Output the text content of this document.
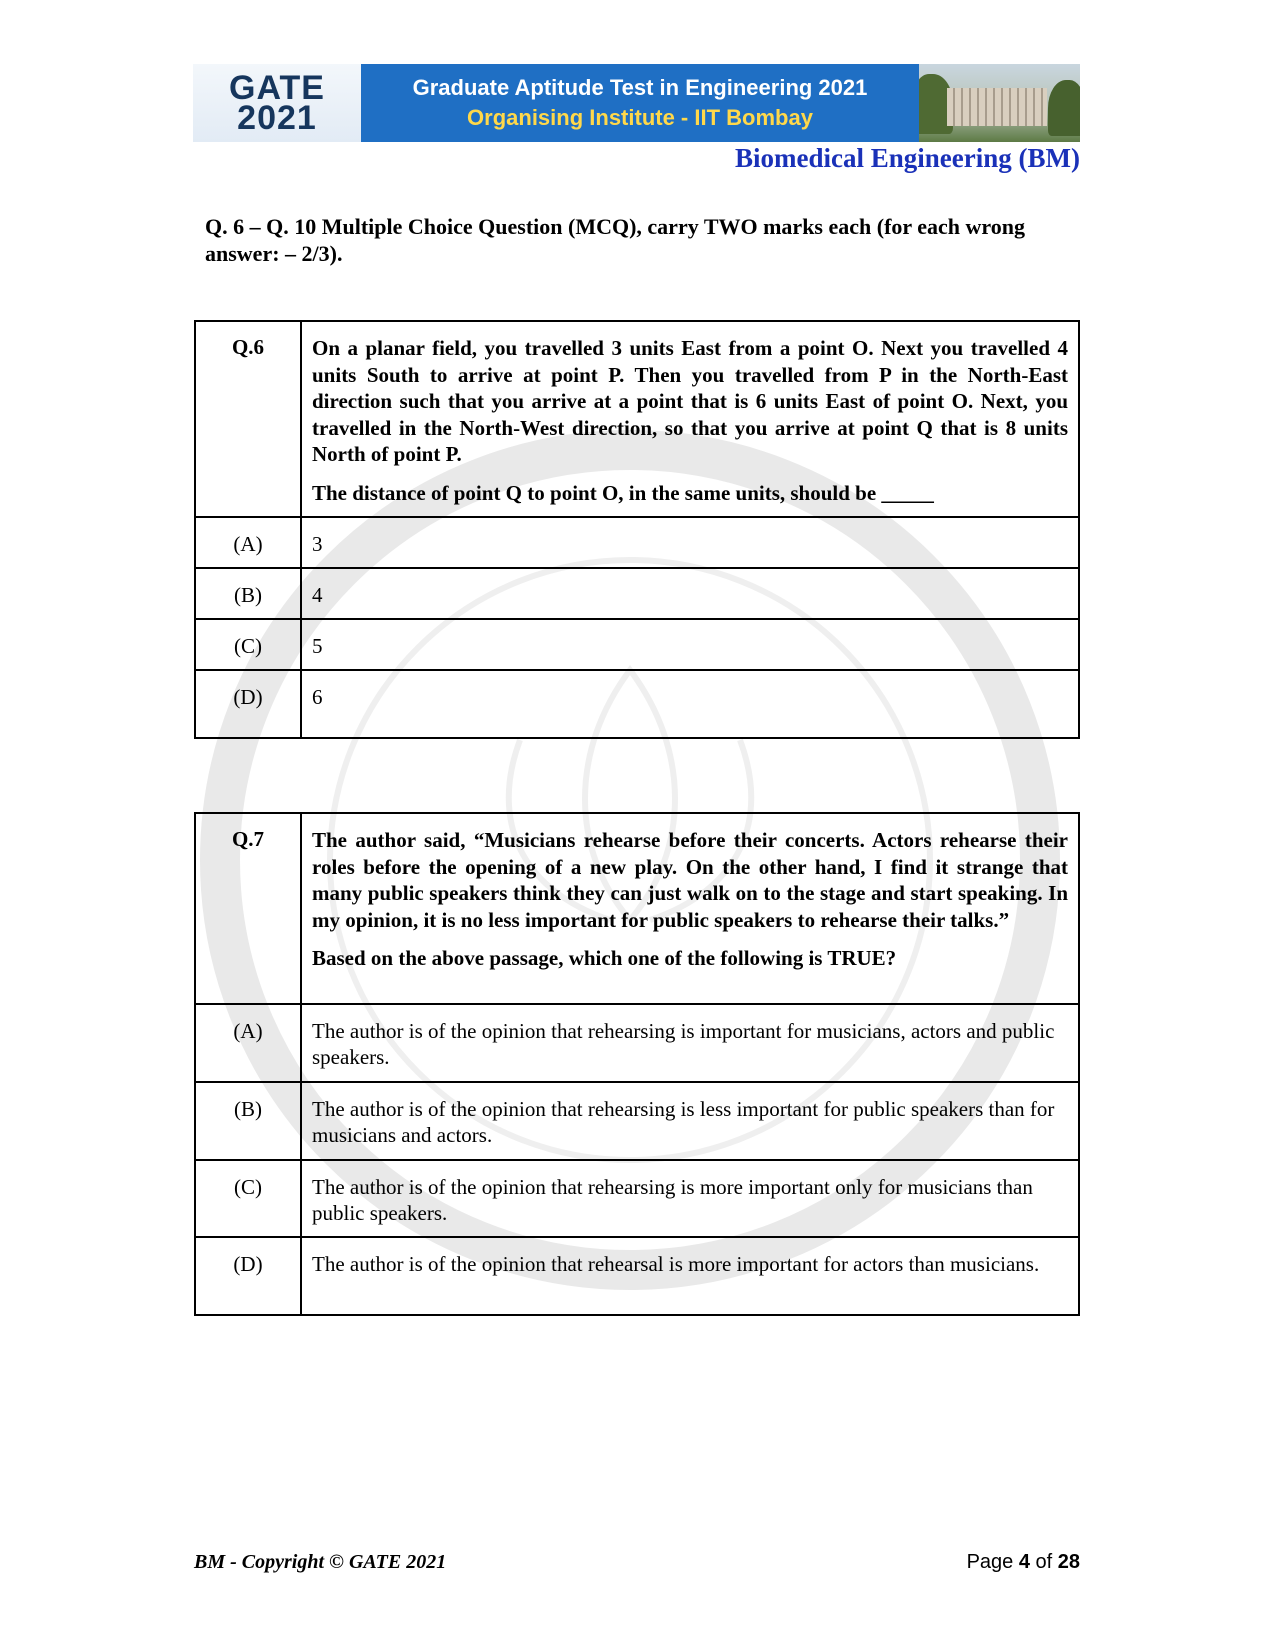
GATE
2021
Graduate Aptitude Test in Engineering 2021
Organising Institute - IIT Bombay
Biomedical Engineering (BM)
Q. 6 – Q. 10 Multiple Choice Question (MCQ), carry TWO marks each (for each wrong answer: – 2/3).
Q.6	On a planar field, you travelled 3 units East from a point O. Next you travelled 4 units South to arrive at point P. Then you travelled from P in the North-East direction such that you arrive at a point that is 6 units East of point O. Next, you travelled in the North-West direction, so that you arrive at point Q that is 8 units North of point P.
The distance of point Q to point O, in the same units, should be _____

(A)	3

(B)	4

(C)	5

(D)	6
Q.7	The author said, “Musicians rehearse before their concerts. Actors rehearse their roles before the opening of a new play. On the other hand, I find it strange that many public speakers think they can just walk on to the stage and start speaking. In my opinion, it is no less important for public speakers to rehearse their talks.”
Based on the above passage, which one of the following is TRUE?

(A)	The author is of the opinion that rehearsing is important for musicians, actors and public speakers.

(B)	The author is of the opinion that rehearsing is less important for public speakers than for musicians and actors.

(C)	The author is of the opinion that rehearsing is more important only for musicians than public speakers.

(D)	The author is of the opinion that rehearsal is more important for actors than musicians.
BM - Copyright © GATE 2021	Page 4 of 28
